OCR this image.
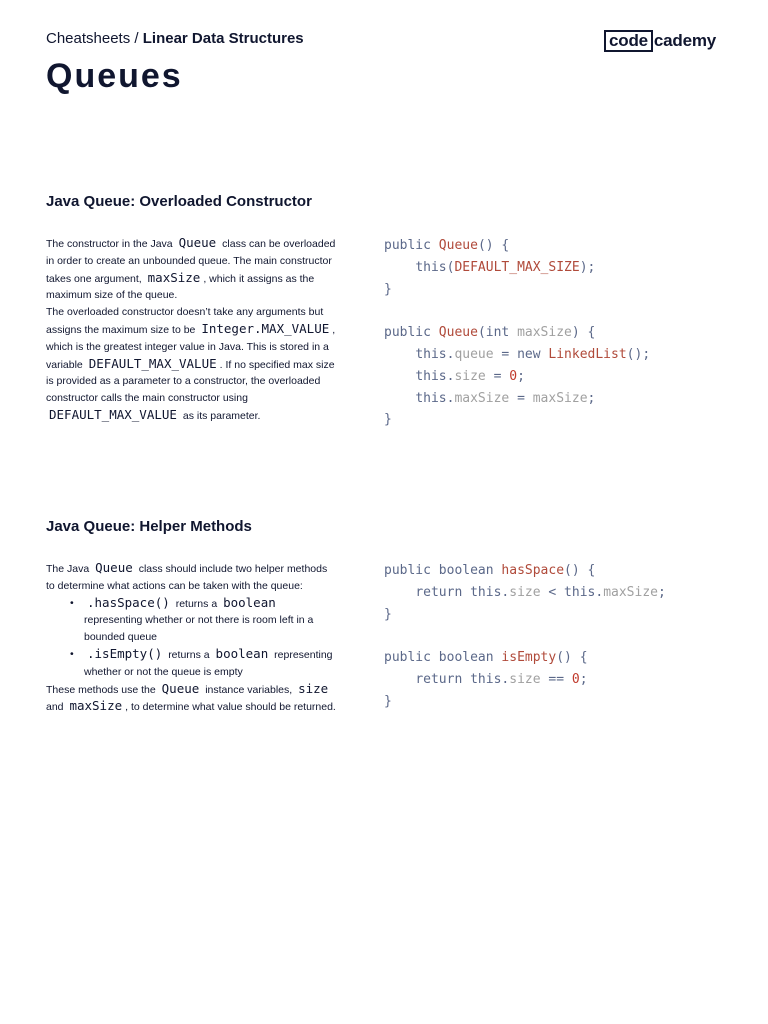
Cheatsheets / Linear Data Structures	code cademy
Queues
Java Queue: Overloaded Constructor

The constructor in the Java Queue class can be overloaded in order to create an unbounded queue. The main constructor takes one argument, maxSize , which it assigns as the maximum size of the queue.

The overloaded constructor doesn’t take any arguments but assigns the maximum size to be Integer.MAX_VALUE , which is the greatest integer value in Java. This is stored in a variable DEFAULT_MAX_VALUE . If no specified max size is provided as a parameter to a constructor, the overloaded constructor calls the main constructor using DEFAULT_MAX_VALUE as its parameter.

public Queue() {
this(DEFAULT_MAX_SIZE);
}

public Queue(int maxSize) {
this.queue = new LinkedList();
this.size = 0;
this.maxSize = maxSize;
}
Java Queue: Helper Methods

The Java Queue class should include two helper methods to determine what actions can be taken with the queue:

• .hasSpace() returns a boolean representing whether or not there is room left in a bounded queue
• .isEmpty() returns a boolean representing whether or not the queue is empty

These methods use the Queue instance variables, size and maxSize , to determine what value should be returned.

public boolean hasSpace() {
return this.size < this.maxSize;
}

public boolean isEmpty() {
return this.size == 0;
}
